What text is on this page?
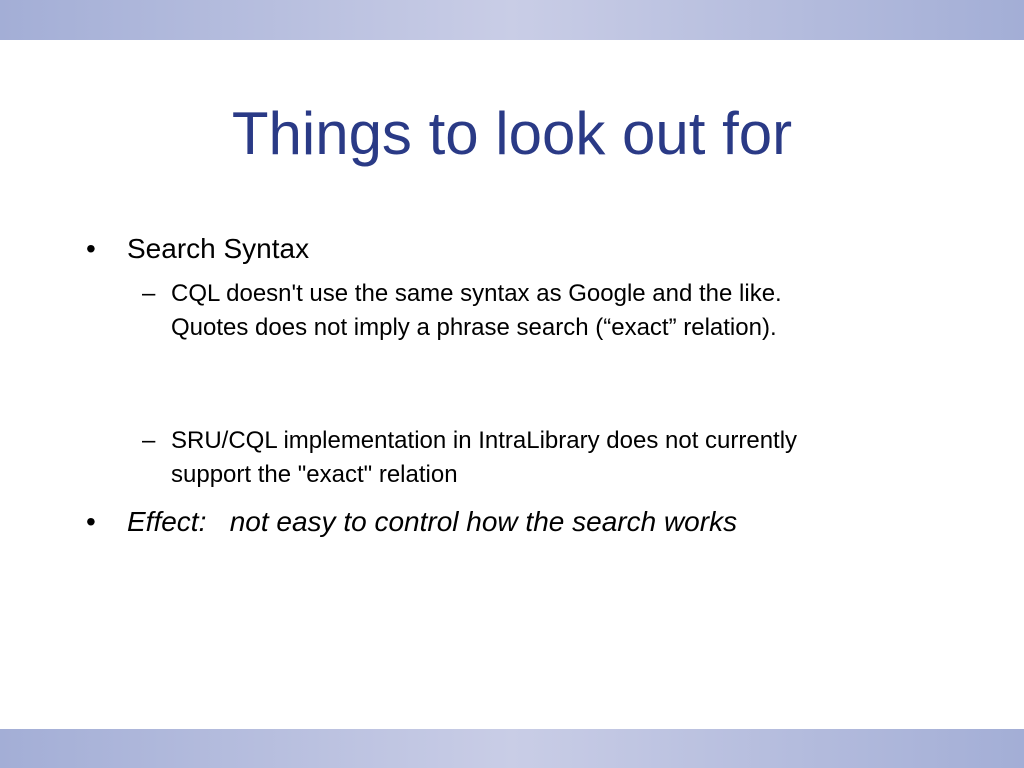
Things to look out for
• Search Syntax
– CQL doesn't use the same syntax as Google and the like. Quotes does not imply a phrase search (“exact” relation).
– SRU/CQL implementation in IntraLibrary does not currently support the "exact" relation
• Effect:   not easy to control how the search works
